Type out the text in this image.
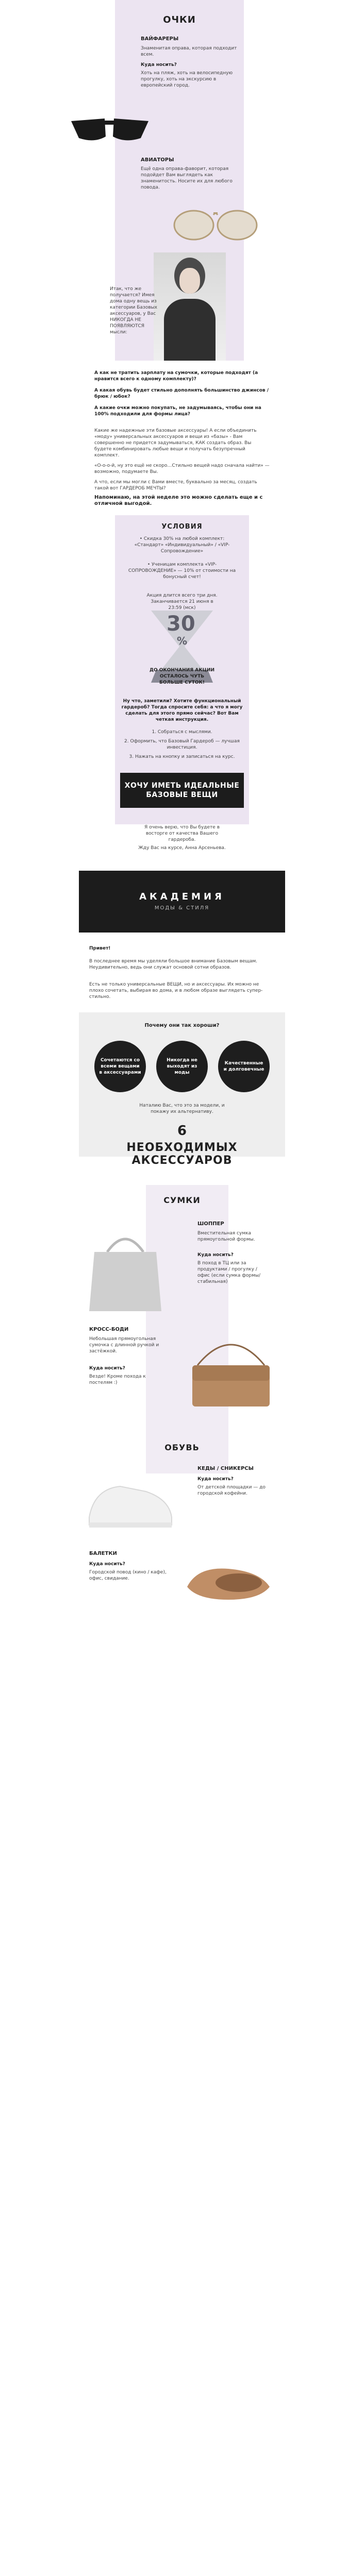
ОЧКИ
ВАЙФАРЕРЫ
Знаменитая оправа, которая подходит всем.
Куда носить?
Хоть на пляж, хоть на велосипедную прогулку, хоть на экскурсию в европейский город.
АВИАТОРЫ
Ещё одна оправа-фаворит, которая подойдет Вам выглядеть как знаменитость. Носите их для любого повода.
Итак, что же получается? Имея дома одну вещь из категории Базовых аксессуаров, у Вас НИКОГДА НЕ ПОЯВЛЯЮТСЯ мысли:
А как не тратить зарплату на сумочки, которые подходят (а нравится всего к одному комплекту)?
А какая обувь будет стильно дополнять большинство джинсов / брюк / юбок?
А какие очки можно покупать, не задумываясь, чтобы они на 100% подходили для формы лица?
Какие же надежные эти базовые аксессуары! А если объединить «моду» универсальных аксессуаров и вещи из «базы» - Вам совершенно не придется задумываться, КАК создать образ. Вы будете комбинировать любые вещи и получать безупречный комплект.
«О-о-о-й, ну это ещё не скоро…Стильно вещей надо сначала найти» — возможно, подумаете Вы.
А что, если мы могли с Вами вместе, буквально за месяц, создать такой вот ГАРДЕРОБ МЕЧТЫ?
Напоминаю, на этой неделе это можно сделать еще и с отличной выгодой.
УСЛОВИЯ
• Скидка 30% на любой комплект: «Стандарт» «Индивидуальный» / «VIP-Сопровождение»
• Ученицам комплекта «VIP-СОПРОВОЖДЕНИЕ» — 10% от стоимости на бонусный счет!
Акция длится всего три дня. Заканчивается 21 июня в 23:59 (мск)
30
%
ДО ОКОНЧАНИЯ АКЦИИ ОСТАЛОСЬ ЧУТЬ БОЛЬШЕ СУТОК!
Ну что, заметили? Хотите функциональный гардероб? Тогда спросите себя: а что я могу сделать для этого прямо сейчас? Вот Вам четкая инструкция.
1. Собраться с мыслями.
2. Оформить, что Базовый Гардероб — лучшая инвестиция.
3. Нажать на кнопку и записаться на курс.
ХОЧУ ИМЕТЬ ИДЕАЛЬНЫЕ БАЗОВЫЕ ВЕЩИ
Я очень верю, что Вы будете в восторге от качества Вашего гардероба.
Жду Вас на курсе, Анна Арсеньева.
АКАДЕМИЯ
МОДЫ & СТИЛЯ
Привет!
В последнее время мы уделяли большое внимание Базовым вещам. Неудивительно, ведь они служат основой сотни образов.
Есть не только универсальные ВЕЩИ, но и аксессуары. Их можно не плохо сочетать, выбирая во дома, и в любом образе выглядеть супер-стильно.
Почему они так хороши?
Сочетаются со всеми вещами в аксессуарами
Никогда не выходят из моды
Качественные и долговечные
Наталию Вас, что это за модели, и покажу их альтернативу.
6
НЕОБХОДИМЫХ АКСЕССУАРОВ
СУМКИ
ШОППЕР
Вместительная сумка прямоугольной формы.
Куда носить?
В поход в ТЦ или за продуктами / прогулку / офис (если сумка формы/стабильная)
КРОСС-БОДИ
Небольшая прямоугольная сумочка с длинной ручкой и застёжкой.
Куда носить?
Везде! Кроме похода к постелям :)
ОБУВЬ
КЕДЫ / СНИКЕРСЫ
Куда носить?
От детской площадки — до городской кофейни.
БАЛЕТКИ
Куда носить?
Городской повод (кино / кафе), офис, свидание.
